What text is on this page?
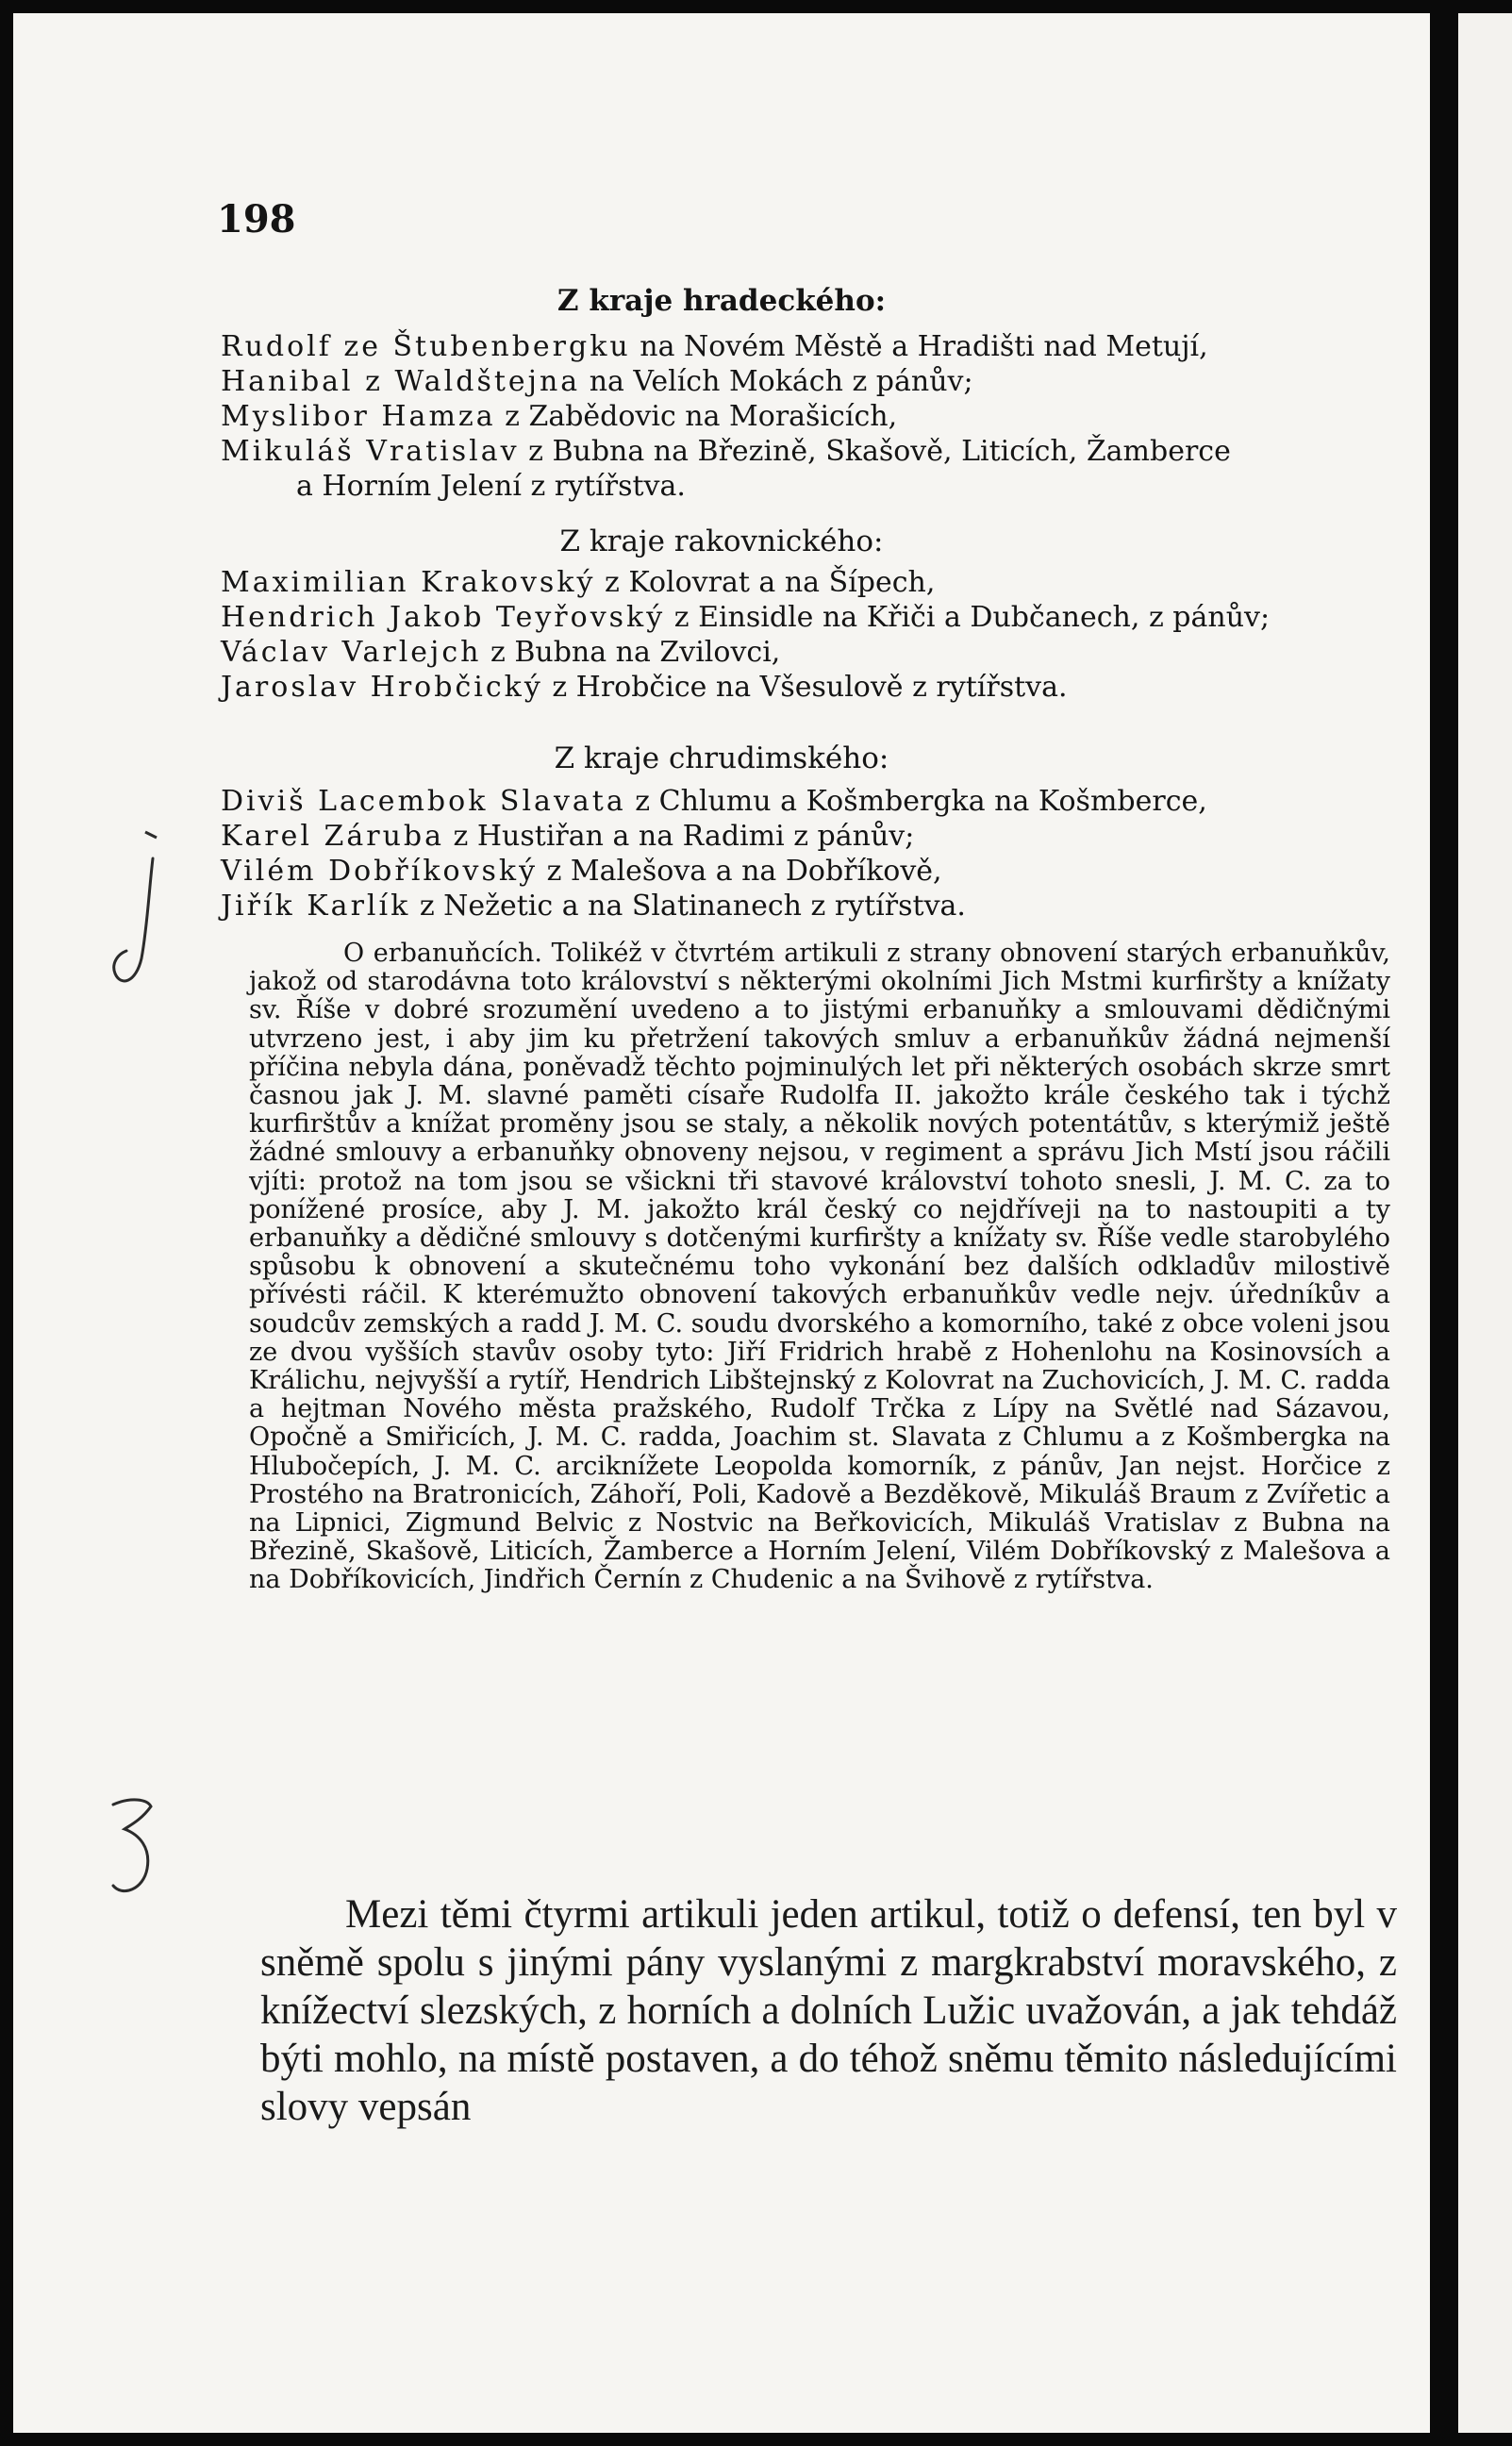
198
Z kraje hradeckého:

Rudolf ze Štubenbergku na Novém Městě a Hradišti nad Metují,

Hanibal z Waldštejna na Velích Mokách z pánův;

Myslibor Hamza z Zabědovic na Morašicích,

Mikuláš Vratislav z Bubna na Březině, Skašově, Liticích, Žamberce

a Horním Jelení z rytířstva.

Z kraje rakovnického:

Maximilian Krakovský z Kolovrat a na Šípech,

Hendrich Jakob Teyřovský z Einsidle na Křiči a Dubčanech, z pánův;

Václav Varlejch z Bubna na Zvilovci,

Jaroslav Hrobčický z Hrobčice na Všesulově z rytířstva.

Z kraje chrudimského:

Diviš Lacembok Slavata z Chlumu a Košmbergka na Košmberce,

Karel Záruba z Hustiřan a na Radimi z pánův;

Vilém Dobříkovský z Malešova a na Dobříkově,

Jiřík Karlík z Nežetic a na Slatinanech z rytířstva.

O erbanuňcích. Tolikéž v čtvrtém artikuli z strany obnovení starých erbanuňkův, jakož od starodávna toto království s některými okolními Jich Mstmi kurfiršty a knížaty sv. Říše v dobré srozumění uvedeno a to jistými erbanuňky a smlouvami dědičnými utvrzeno jest, i aby jim ku přetržení takových smluv a erbanuňkův žádná nejmenší příčina nebyla dána, poněvadž těchto pojminulých let při některých osobách skrze smrt časnou jak J. M. slavné paměti císaře Rudolfa II. jakožto krále českého tak i týchž kurfirštův a knížat proměny jsou se staly, a několik nových potentátův, s kterýmiž ještě žádné smlouvy a erbanuňky obnoveny nejsou, v regiment a správu Jich Mstí jsou ráčili vjíti: protož na tom jsou se všickni tři stavové království tohoto snesli, J. M. C. za to ponížené prosíce, aby J. M. jakožto král český co nejdříveji na to nastoupiti a ty erbanuňky a dědičné smlouvy s dotčenými kurfiršty a knížaty sv. Říše vedle starobylého spůsobu k obnovení a skutečnému toho vykonání bez dalších odkladův milostivě přívésti ráčil. K kterémužto obnovení takových erbanuňkův vedle nejv. úředníkův a soudcův zemských a radd J. M. C. soudu dvorského a komorního, také z obce voleni jsou ze dvou vyšších stavův osoby tyto: Jiří Fridrich hrabě z Hohenlohu na Kosinovsích a Králichu, nejvyšší a rytíř, Hendrich Libštejnský z Kolovrat na Zuchovicích, J. M. C. radda a hejtman Nového města pražského, Rudolf Trčka z Lípy na Světlé nad Sázavou, Opočně a Smiřicích, J. M. C. radda, Joachim st. Slavata z Chlumu a z Košmbergka na Hlubočepích, J. M. C. arciknížete Leopolda komorník, z pánův, Jan nejst. Horčice z Prostého na Bratronicích, Záhoří, Poli, Kadově a Bezděkově, Mikuláš Braum z Zvířetic a na Lipnici, Zigmund Belvic z Nostvic na Beřkovicích, Mikuláš Vratislav z Bubna na Březině, Skašově, Liticích, Žamberce a Horním Jelení, Vilém Dobříkovský z Malešova a na Dobříkovicích, Jindřich Černín z Chudenic a na Švihově z rytířstva.

Mezi těmi čtyrmi artikuli jeden artikul, totiž o defensí, ten byl v sněmě spolu s jinými pány vyslanými z margkrabství moravského, z knížectví slezských, z horních a dolních Lužic uvažován, a jak tehdáž býti mohlo, na místě postaven, a do téhož sněmu těmito následujícími slovy vepsán
